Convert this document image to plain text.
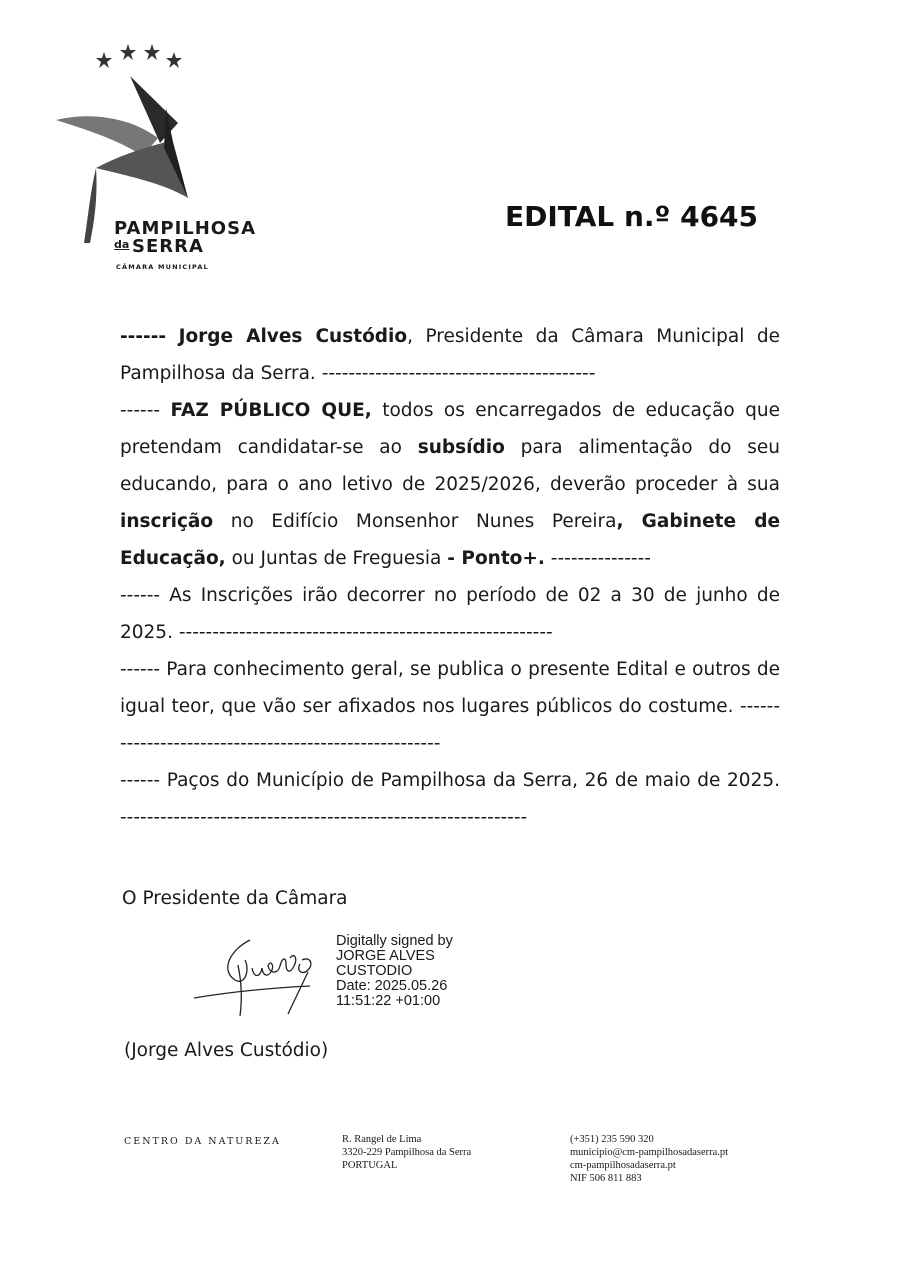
PAMPILHOSA
da SERRA
CÂMARA MUNICIPAL
EDITAL n.º 4645

------ Jorge Alves Custódio, Presidente da Câmara Municipal de Pampilhosa da Serra. -----------------------------------------

------ FAZ PÚBLICO QUE, todos os encarregados de educação que pretendam candidatar-se ao subsídio para alimentação do seu educando, para o ano letivo de 2025/2026, deverão proceder à sua inscrição no Edifício Monsenhor Nunes Pereira, Gabinete de Educação, ou Juntas de Freguesia - Ponto+. ---------------

------ As Inscrições irão decorrer no período de 02 a 30 de junho de 2025. --------------------------------------------------------

------ Para conhecimento geral, se publica o presente Edital e outros de igual teor, que vão ser afixados nos lugares públicos do costume. ------------------------------------------------------

------ Paços do Município de Pampilhosa da Serra, 26 de maio de 2025. -------------------------------------------------------------

O Presidente da Câmara
Digitally signed by
JORGE ALVES
CUSTODIO
Date: 2025.05.26
11:51:22 +01:00
(Jorge Alves Custódio)
CENTRO DA NATUREZA	R. Rangel de Lima
3320-229 Pampilhosa da Serra
PORTUGAL
(+351) 235 590 320
municipio@cm-pampilhosadaserra.pt
cm-pampilhosadaserra.pt
NIF 506 811 883
